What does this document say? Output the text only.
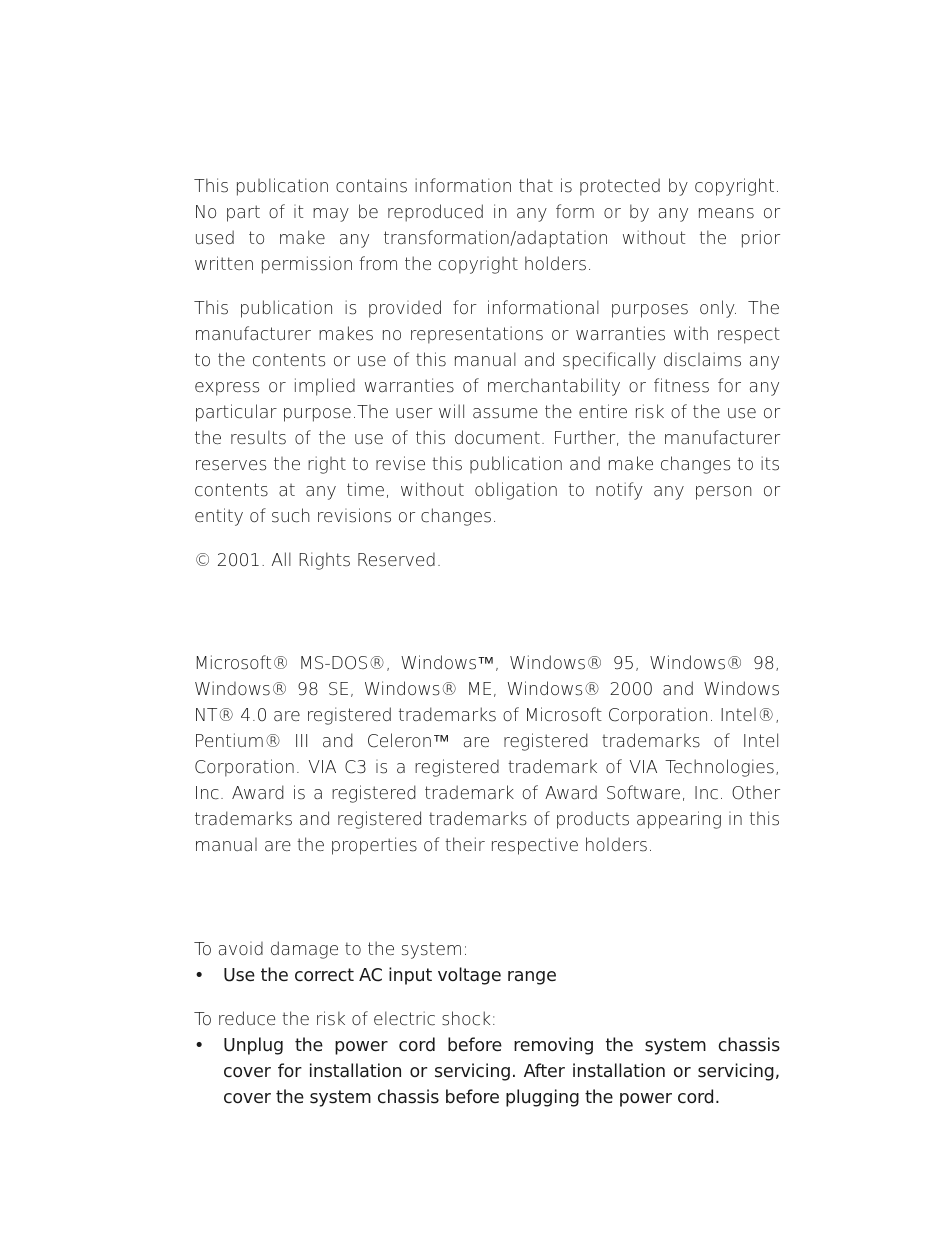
This publication contains information that is protected by copyright. No part of it may be reproduced in any form or by any means or used to make any transformation/adaptation without the prior written permission from the copyright holders.

This publication is provided for informational purposes only. The manufacturer makes no representations or warranties with respect to the contents or use of this manual and specifically disclaims any express or implied warranties of merchantability or fitness for any particular purpose.The user will assume the entire risk of the use or the results of the use of this document. Further, the manufacturer reserves the right to revise this publication and make changes to its contents at any time, without obligation to notify any person or entity of such revisions or changes.

© 2001. All Rights Reserved.

Microsoft® MS-DOS®, Windows™, Windows® 95, Windows® 98, Windows® 98 SE, Windows® ME, Windows® 2000 and Windows NT® 4.0 are registered trademarks of Microsoft Corporation. Intel®, Pentium® III and Celeron™ are registered trademarks of Intel Corporation. VIA C3 is a registered trademark of VIA Technologies, Inc. Award is a registered trademark of Award Software, Inc. Other trademarks and registered trademarks of products appearing in this manual are the properties of their respective holders.

To avoid damage to the system:

•	Use the correct AC input voltage range

To reduce the risk of electric shock:

•	Unplug the power cord before removing the system chassis cover for installation or servicing. After installation or servicing, cover the system chassis before plugging the power cord.
